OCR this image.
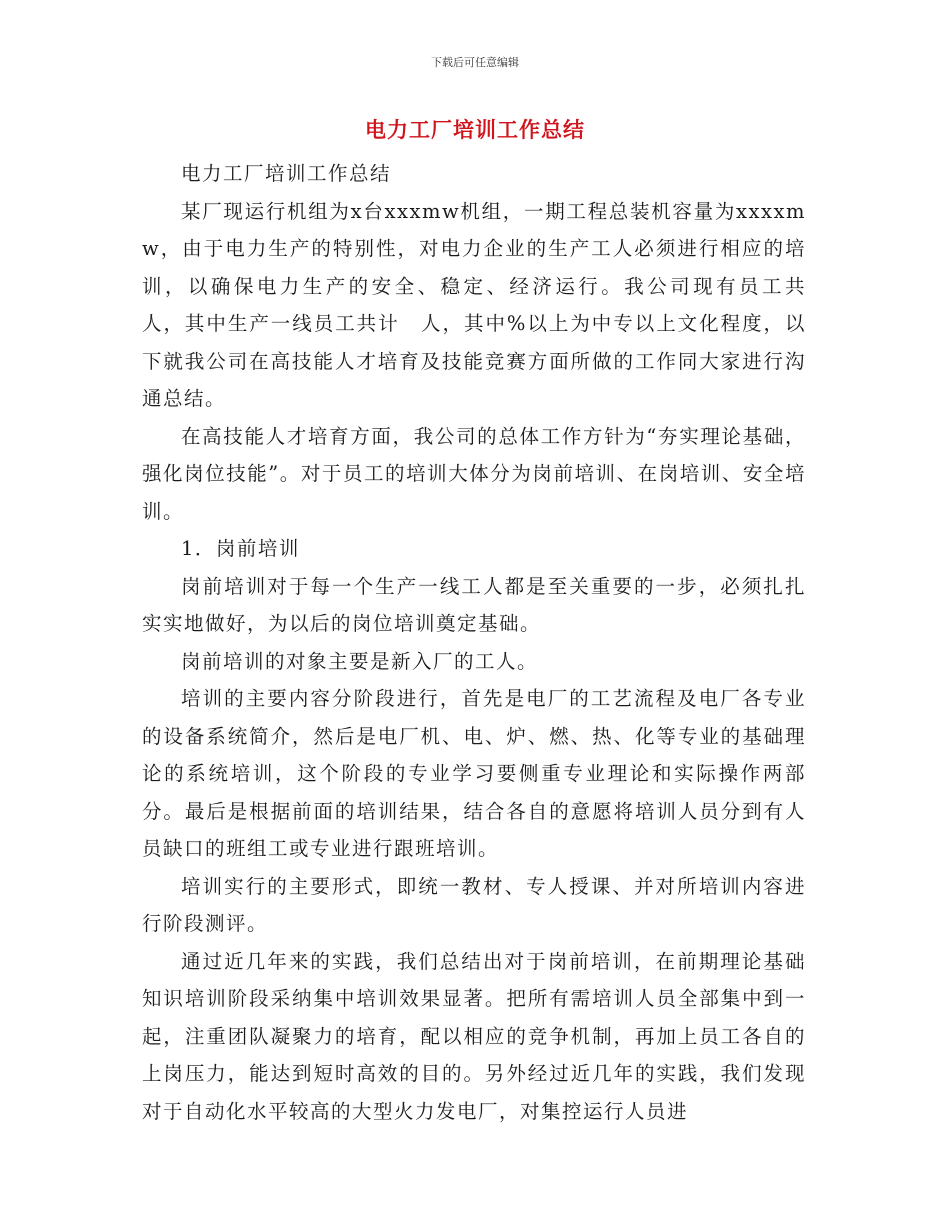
下载后可任意编辑
电力工厂培训工作总结

电力工厂培训工作总结

某厂现运行机组为x台xxxmw机组，一期工程总装机容量为xxxxmw，由于电力生产的特别性，对电力企业的生产工人必须进行相应的培训，以确保电力生产的安全、稳定、经济运行。我公司现有员工共　人，其中生产一线员工共计　人，其中%以上为中专以上文化程度，以下就我公司在高技能人才培育及技能竞赛方面所做的工作同大家进行沟通总结。

在高技能人才培育方面，我公司的总体工作方针为“夯实理论基础，强化岗位技能”。对于员工的培训大体分为岗前培训、在岗培训、安全培训。

1．岗前培训

岗前培训对于每一个生产一线工人都是至关重要的一步，必须扎扎实实地做好，为以后的岗位培训奠定基础。

岗前培训的对象主要是新入厂的工人。

培训的主要内容分阶段进行，首先是电厂的工艺流程及电厂各专业的设备系统简介，然后是电厂机、电、炉、燃、热、化等专业的基础理论的系统培训，这个阶段的专业学习要侧重专业理论和实际操作两部分。最后是根据前面的培训结果，结合各自的意愿将培训人员分到有人员缺口的班组工或专业进行跟班培训。

培训实行的主要形式，即统一教材、专人授课、并对所培训内容进行阶段测评。

通过近几年来的实践，我们总结出对于岗前培训，在前期理论基础知识培训阶段采纳集中培训效果显著。把所有需培训人员全部集中到一起，注重团队凝聚力的培育，配以相应的竞争机制，再加上员工各自的上岗压力，能达到短时高效的目的。另外经过近几年的实践，我们发现对于自动化水平较高的大型火力发电厂，对集控运行人员进
